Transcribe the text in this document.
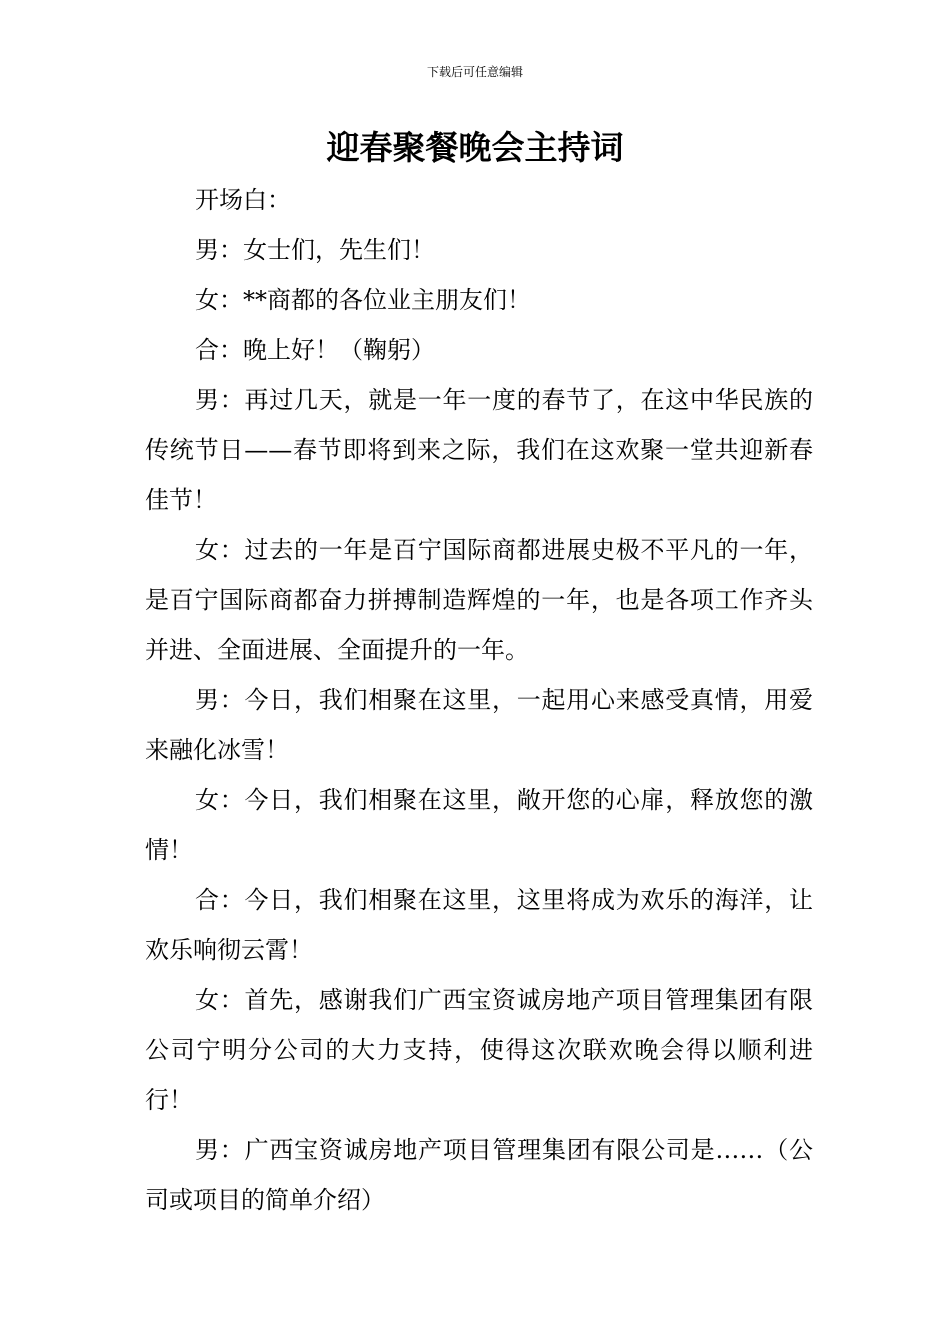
下载后可任意编辑
迎春聚餐晚会主持词

开场白：

男：女士们，先生们！

女：**商都的各位业主朋友们！

合：晚上好！（鞠躬）

男：再过几天，就是一年一度的春节了，在这中华民族的传统节日——春节即将到来之际，我们在这欢聚一堂共迎新春佳节！

女：过去的一年是百宁国际商都进展史极不平凡的一年，是百宁国际商都奋力拼搏制造辉煌的一年，也是各项工作齐头并进、全面进展、全面提升的一年。

男：今日，我们相聚在这里，一起用心来感受真情，用爱来融化冰雪！

女：今日，我们相聚在这里，敞开您的心扉，释放您的激情！

合：今日，我们相聚在这里，这里将成为欢乐的海洋，让欢乐响彻云霄！

女：首先，感谢我们广西宝资诚房地产项目管理集团有限公司宁明分公司的大力支持，使得这次联欢晚会得以顺利进行！

男：广西宝资诚房地产项目管理集团有限公司是……（公司或项目的简单介绍）
